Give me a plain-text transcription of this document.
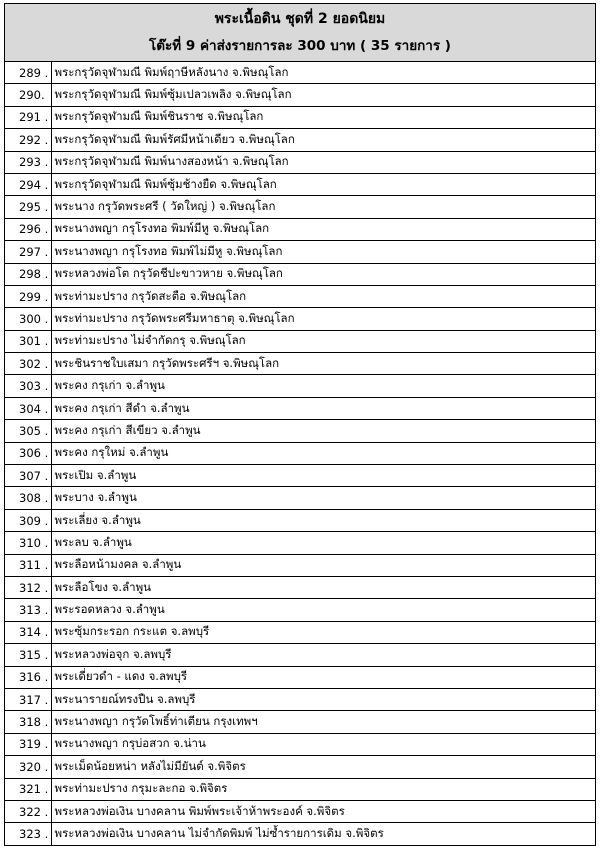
พระเนื้อดิน ชุดที่ 2 ยอดนิยม
โต๊ะที่ 9 ค่าส่งรายการละ 300 บาท ( 35 รายการ )
289 .	พระกรุวัดจุฬามณี พิมพ์ฤาษีหลังนาง จ.พิษณุโลก
290.	พระกรุวัดจุฬามณี พิมพ์ซุ้มเปลวเพลิง จ.พิษณุโลก
291 .	พระกรุวัดจุฬามณี พิมพ์ชินราช จ.พิษณุโลก
292 .	พระกรุวัดจุฬามณี พิมพ์รัศมีหน้าเดียว จ.พิษณุโลก
293 .	พระกรุวัดจุฬามณี พิมพ์นางสองหน้า จ.พิษณุโลก
294 .	พระกรุวัดจุฬามณี พิมพ์ซุ้มช้างยืด จ.พิษณุโลก
295 .	พระนาง กรุวัดพระศรี ( วัดใหญ่ ) จ.พิษณุโลก
296 .	พระนางพญา กรุโรงทอ พิมพ์มีหู จ.พิษณุโลก
297 .	พระนางพญา กรุโรงทอ พิมพ์ไม่มีหู จ.พิษณุโลก
298 .	พระหลวงพ่อโต กรุวัดชีปะขาวหาย จ.พิษณุโลก
299 .	พระท่ามะปราง กรุวัดสะตือ จ.พิษณุโลก
300 .	พระท่ามะปราง กรุวัดพระศรีมหาธาตุ จ.พิษณุโลก
301 .	พระท่ามะปราง ไม่จำกัดกรุ จ.พิษณุโลก
302 .	พระชินราชใบเสมา กรุวัดพระศรีฯ จ.พิษณุโลก
303 .	พระคง กรุเก่า จ.ลำพูน
304 .	พระคง กรุเก่า สีดำ จ.ลำพูน
305 .	พระคง กรุเก่า สีเขียว จ.ลำพูน
306 .	พระคง กรุใหม่ จ.ลำพูน
307 .	พระเปิม จ.ลำพูน
308 .	พระบาง จ.ลำพูน
309 .	พระเลี่ยง จ.ลำพูน
310 .	พระลบ จ.ลำพูน
311 .	พระลือหน้ามงคล จ.ลำพูน
312 .	พระลือโขง จ.ลำพูน
313 .	พระรอดหลวง จ.ลำพูน
314 .	พระซุ้มกระรอก กระแต จ.ลพบุรี
315 .	พระหลวงพ่อจุก จ.ลพบุรี
316 .	พระเดี่ยวดำ - แดง จ.ลพบุรี
317 .	พระนารายณ์ทรงปืน จ.ลพบุรี
318 .	พระนางพญา กรุวัดโพธิ์ท่าเตียน กรุงเทพฯ
319 .	พระนางพญา กรุบ่อสวก จ.น่าน
320 .	พระเม็ดน้อยหน่า หลังไม่มียันต์ จ.พิจิตร
321 .	พระท่ามะปราง กรุมะละกอ จ.พิจิตร
322 .	พระหลวงพ่อเงิน บางคลาน พิมพ์พระเจ้าห้าพระองค์ จ.พิจิตร
323 .	พระหลวงพ่อเงิน บางคลาน ไม่จำกัดพิมพ์ ไม่ซ้ำรายการเดิม จ.พิจิตร
